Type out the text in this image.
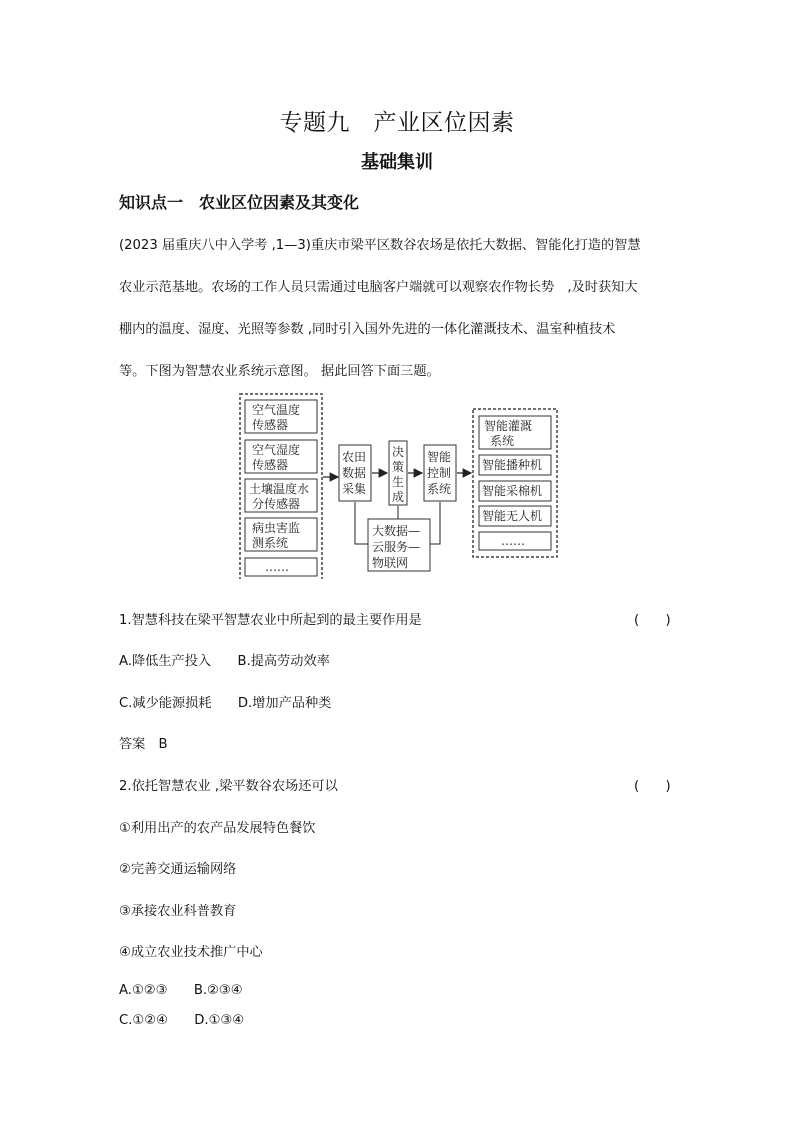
专题九　产业区位因素
基础集训
知识点一　农业区位因素及其变化
(2023 届重庆八中入学考 ,1—3)重庆市梁平区数谷农场是依托大数据、智能化打造的智慧
农业示范基地。农场的工作人员只需通过电脑客户端就可以观察农作物长势　,及时获知大
棚内的温度、湿度、光照等参数 ,同时引入国外先进的一体化灌溉技术、温室种植技术
等。下图为智慧农业系统示意图。 据此回答下面三题。
空气温度
传感器
空气湿度
传感器
土壤温度水
分传感器
病虫害监
测系统
……
农田
数据
采集
决
策
生
成
智能
控制
系统
大数据—
云服务—
物联网
智能灌溉
系统
智能播种机
智能采棉机
智能无人机
……
1.智慧科技在梁平智慧农业中所起到的最主要作用是	(　　)
A.降低生产投入　　B.提高劳动效率
C.减少能源损耗　　D.增加产品种类
答案　B
2.依托智慧农业 ,梁平数谷农场还可以	(　　)
①利用出产的农产品发展特色餐饮
②完善交通运输网络
③承接农业科普教育
④成立农业技术推广中心
A.①②③　　B.②③④
C.①②④　　D.①③④
